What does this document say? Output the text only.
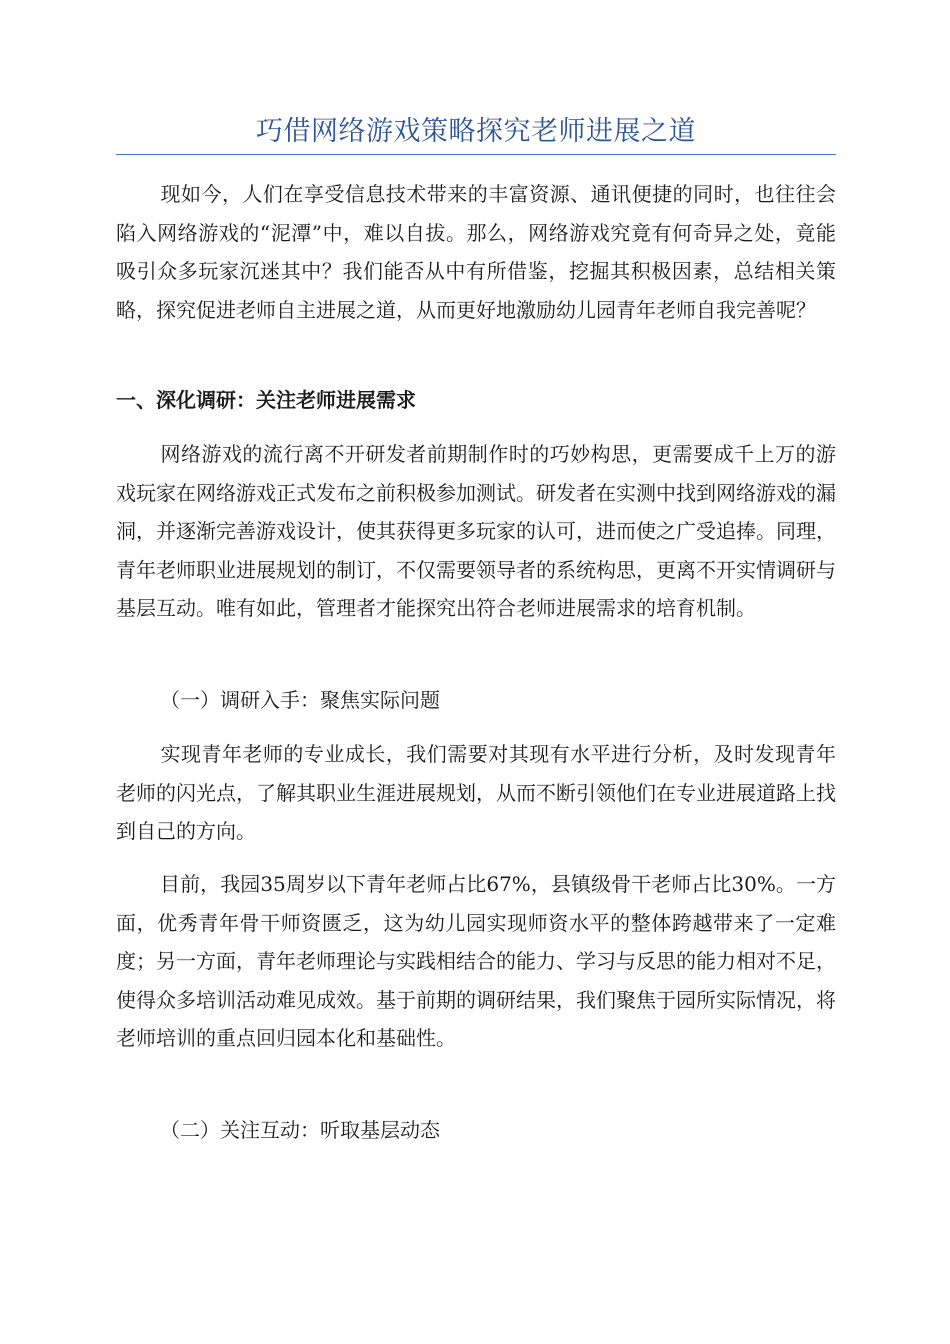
巧借网络游戏策略探究老师进展之道

现如今，人们在享受信息技术带来的丰富资源、通讯便捷的同时，也往往会陷入网络游戏的“泥潭”中，难以自拔。那么，网络游戏究竟有何奇异之处，竟能吸引众多玩家沉迷其中？我们能否从中有所借鉴，挖掘其积极因素，总结相关策略，探究促进老师自主进展之道，从而更好地激励幼儿园青年老师自我完善呢？

一、深化调研：关注老师进展需求

网络游戏的流行离不开研发者前期制作时的巧妙构思，更需要成千上万的游戏玩家在网络游戏正式发布之前积极参加测试。研发者在实测中找到网络游戏的漏洞，并逐渐完善游戏设计，使其获得更多玩家的认可，进而使之广受追捧。同理，青年老师职业进展规划的制订，不仅需要领导者的系统构思，更离不开实情调研与基层互动。唯有如此，管理者才能探究出符合老师进展需求的培育机制。

（一）调研入手：聚焦实际问题

实现青年老师的专业成长，我们需要对其现有水平进行分析，及时发现青年老师的闪光点，了解其职业生涯进展规划，从而不断引领他们在专业进展道路上找到自己的方向。

目前，我园35周岁以下青年老师占比67%，县镇级骨干老师占比30%。一方面，优秀青年骨干师资匮乏，这为幼儿园实现师资水平的整体跨越带来了一定难度；另一方面，青年老师理论与实践相结合的能力、学习与反思的能力相对不足，使得众多培训活动难见成效。基于前期的调研结果，我们聚焦于园所实际情况，将老师培训的重点回归园本化和基础性。

（二）关注互动：听取基层动态
